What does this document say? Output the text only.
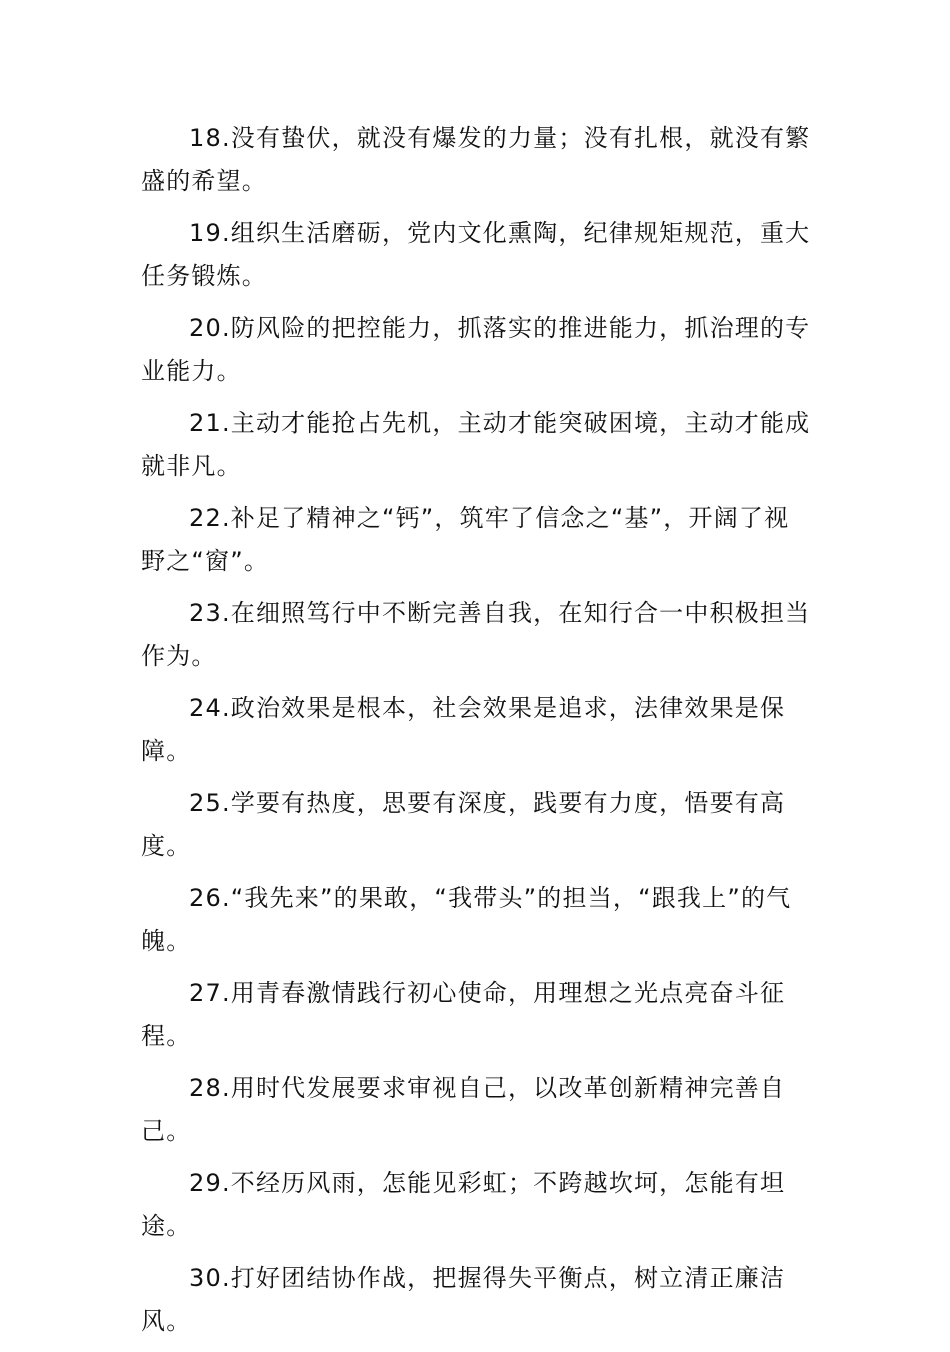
18.没有蛰伏，就没有爆发的力量；没有扎根，就没有繁盛的希望。

19.组织生活磨砺，党内文化熏陶，纪律规矩规范，重大任务锻炼。

20.防风险的把控能力，抓落实的推进能力，抓治理的专业能力。

21.主动才能抢占先机，主动才能突破困境，主动才能成就非凡。

22.补足了精神之“钙”，筑牢了信念之“基”，开阔了视野之“窗”。

23.在细照笃行中不断完善自我，在知行合一中积极担当作为。

24.政治效果是根本，社会效果是追求，法律效果是保障。

25.学要有热度，思要有深度，践要有力度，悟要有高度。

26.“我先来”的果敢，“我带头”的担当，“跟我上”的气魄。

27.用青春激情践行初心使命，用理想之光点亮奋斗征程。

28.用时代发展要求审视自己，以改革创新精神完善自己。

29.不经历风雨，怎能见彩虹；不跨越坎坷，怎能有坦途。

30.打好团结协作战，把握得失平衡点，树立清正廉洁风。
